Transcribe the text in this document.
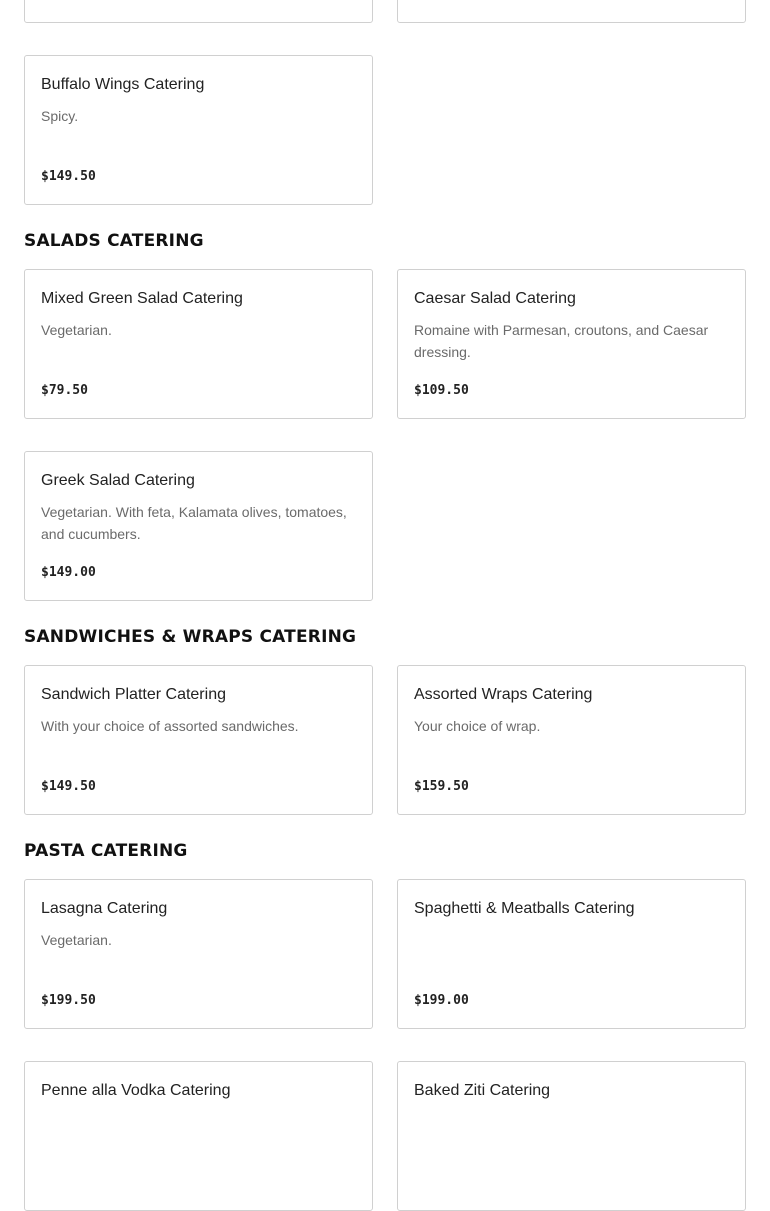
Buffalo Wings Catering
Spicy.
$149.50
SALADS CATERING
Mixed Green Salad Catering
Vegetarian.
$79.50
Caesar Salad Catering
Romaine with Parmesan, croutons, and Caesar dressing.
$109.50
Greek Salad Catering
Vegetarian. With feta, Kalamata olives, tomatoes, and cucumbers.
$149.00
SANDWICHES & WRAPS CATERING
Sandwich Platter Catering
With your choice of assorted sandwiches.
$149.50
Assorted Wraps Catering
Your choice of wrap.
$159.50
PASTA CATERING
Lasagna Catering
Vegetarian.
$199.50
Spaghetti & Meatballs Catering
$199.00
Penne alla Vodka Catering	Baked Ziti Catering
